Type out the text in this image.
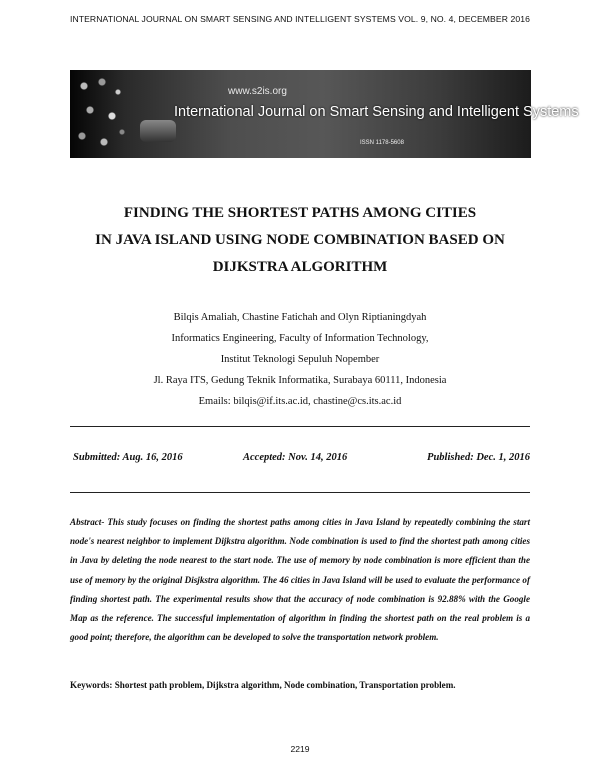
INTERNATIONAL JOURNAL ON SMART SENSING AND INTELLIGENT SYSTEMS VOL. 9, NO. 4, DECEMBER 2016
www.s2is.org
International Journal on Smart Sensing and Intelligent Systems
ISSN 1178-5608
FINDING THE SHORTEST PATHS AMONG CITIES
IN JAVA ISLAND USING NODE COMBINATION BASED ON
DIJKSTRA ALGORITHM
Bilqis Amaliah, Chastine Fatichah and Olyn Riptianingdyah
Informatics Engineering, Faculty of Information Technology,
Institut Teknologi Sepuluh Nopember
Jl. Raya ITS, Gedung Teknik Informatika, Surabaya 60111, Indonesia
Emails: bilqis@if.its.ac.id, chastine@cs.its.ac.id
Submitted: Aug. 16, 2016	Accepted: Nov. 14, 2016	Published: Dec. 1, 2016
Abstract- This study focuses on finding the shortest paths among cities in Java Island by repeatedly combining the start node's nearest neighbor to implement Dijkstra algorithm. Node combination is used to find the shortest path among cities in Java by deleting the node nearest to the start node. The use of memory by node combination is more efficient than the use of memory by the original Disjkstra algorithm. The 46 cities in Java Island will be used to evaluate the performance of finding shortest path. The experimental results show that the accuracy of node combination is 92.88% with the Google Map as the reference. The successful implementation of algorithm in finding the shortest path on the real problem is a good point; therefore, the algorithm can be developed to solve the transportation network problem.
Keywords: Shortest path problem, Dijkstra algorithm, Node combination, Transportation problem.
2219
